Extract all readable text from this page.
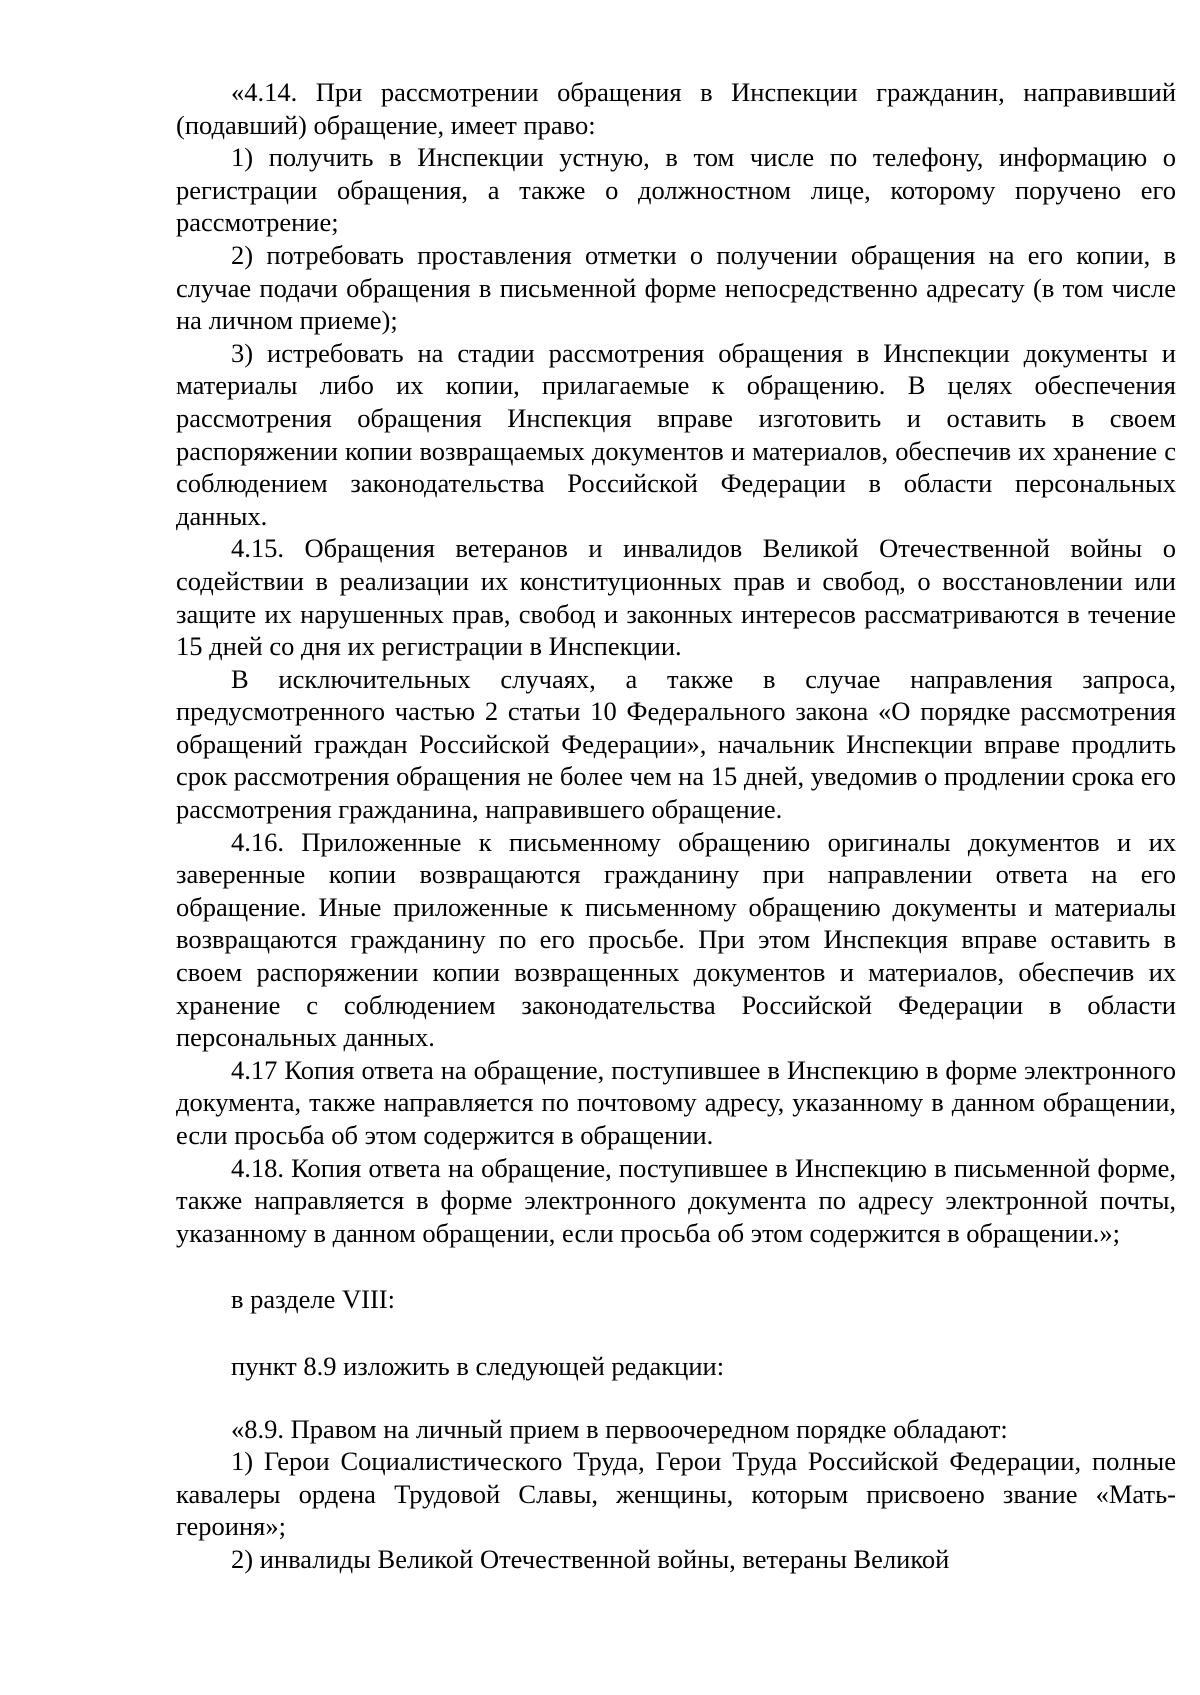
«4.14. При рассмотрении обращения в Инспекции гражданин, направивший (подавший) обращение, имеет право:

1) получить в Инспекции устную, в том числе по телефону, информацию о регистрации обращения, а также о должностном лице, которому поручено его рассмотрение;

2) потребовать проставления отметки о получении обращения на его копии, в случае подачи обращения в письменной форме непосредственно адресату (в том числе на личном приеме);

3) истребовать на стадии рассмотрения обращения в Инспекции документы и материалы либо их копии, прилагаемые к обращению. В целях обеспечения рассмотрения обращения Инспекция вправе изготовить и оставить в своем распоряжении копии возвращаемых документов и материалов, обеспечив их хранение с соблюдением законодательства Российской Федерации в области персональных данных.

4.15. Обращения ветеранов и инвалидов Великой Отечественной войны о содействии в реализации их конституционных прав и свобод, о восстановлении или защите их нарушенных прав, свобод и законных интересов рассматриваются в течение 15 дней со дня их регистрации в Инспекции.

В исключительных случаях, а также в случае направления запроса, предусмотренного частью 2 статьи 10 Федерального закона «О порядке рассмотрения обращений граждан Российской Федерации», начальник Инспекции вправе продлить срок рассмотрения обращения не более чем на 15 дней, уведомив о продлении срока его рассмотрения гражданина, направившего обращение.

4.16. Приложенные к письменному обращению оригиналы документов и их заверенные копии возвращаются гражданину при направлении ответа на его обращение. Иные приложенные к письменному обращению документы и материалы возвращаются гражданину по его просьбе. При этом Инспекция вправе оставить в своем распоряжении копии возвращенных документов и материалов, обеспечив их хранение с соблюдением законодательства Российской Федерации в области персональных данных.

4.17 Копия ответа на обращение, поступившее в Инспекцию в форме электронного документа, также направляется по почтовому адресу, указанному в данном обращении, если просьба об этом содержится в обращении.

4.18. Копия ответа на обращение, поступившее в Инспекцию в письменной форме, также направляется в форме электронного документа по адресу электронной почты, указанному в данном обращении, если просьба об этом содержится в обращении.»;

в разделе VIII:

пункт 8.9 изложить в следующей редакции:

«8.9. Правом на личный прием в первоочередном порядке обладают:

1) Герои Социалистического Труда, Герои Труда Российской Федерации, полные кавалеры ордена Трудовой Славы, женщины, которым присвоено звание «Мать-героиня»;

2) инвалиды Великой Отечественной войны, ветераны Великой
